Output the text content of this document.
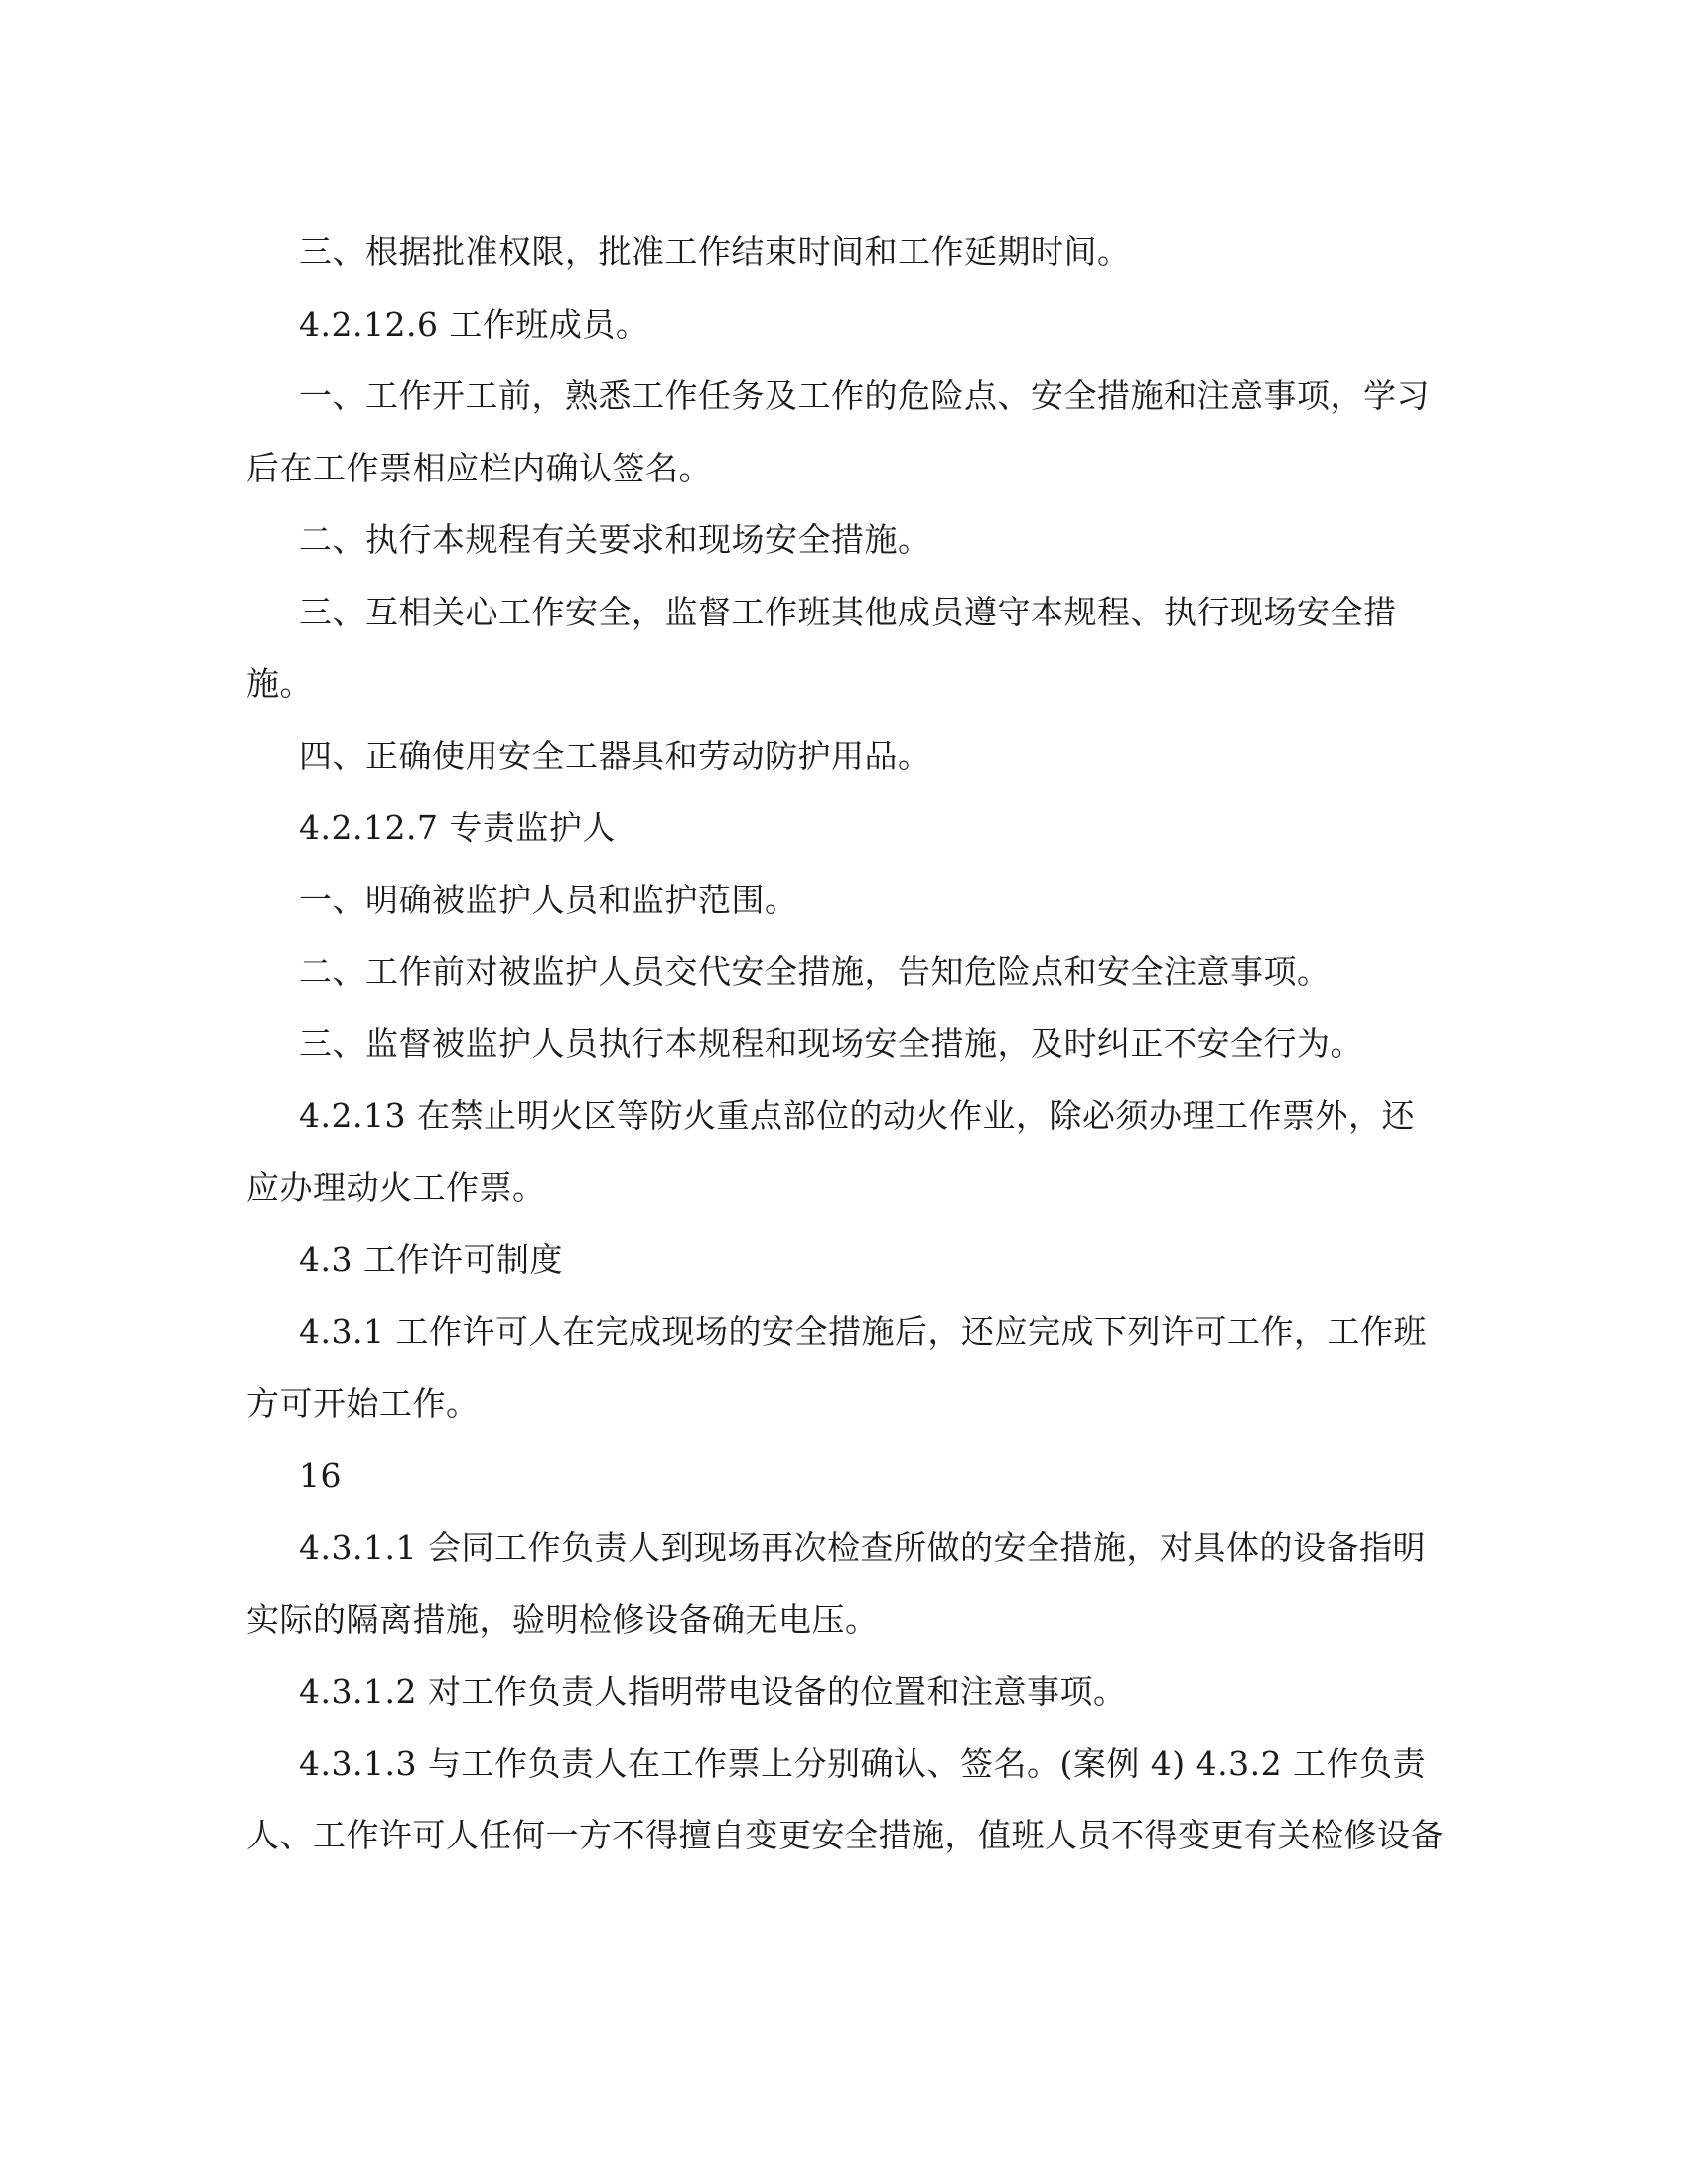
三、根据批准权限，批准工作结束时间和工作延期时间。
4.2.12.6 工作班成员。
一、工作开工前，熟悉工作任务及工作的危险点、安全措施和注意事项，学习
后在工作票相应栏内确认签名。
二、执行本规程有关要求和现场安全措施。
三、互相关心工作安全，监督工作班其他成员遵守本规程、执行现场安全措
施。
四、正确使用安全工器具和劳动防护用品。
4.2.12.7 专责监护人
一、明确被监护人员和监护范围。
二、工作前对被监护人员交代安全措施，告知危险点和安全注意事项。
三、监督被监护人员执行本规程和现场安全措施，及时纠正不安全行为。
4.2.13 在禁止明火区等防火重点部位的动火作业，除必须办理工作票外，还
应办理动火工作票。
4.3 工作许可制度
4.3.1 工作许可人在完成现场的安全措施后，还应完成下列许可工作，工作班
方可开始工作。
16
4.3.1.1 会同工作负责人到现场再次检查所做的安全措施，对具体的设备指明
实际的隔离措施，验明检修设备确无电压。
4.3.1.2 对工作负责人指明带电设备的位置和注意事项。
4.3.1.3 与工作负责人在工作票上分别确认、签名。(案例 4) 4.3.2 工作负责
人、工作许可人任何一方不得擅自变更安全措施，值班人员不得变更有关检修设备
